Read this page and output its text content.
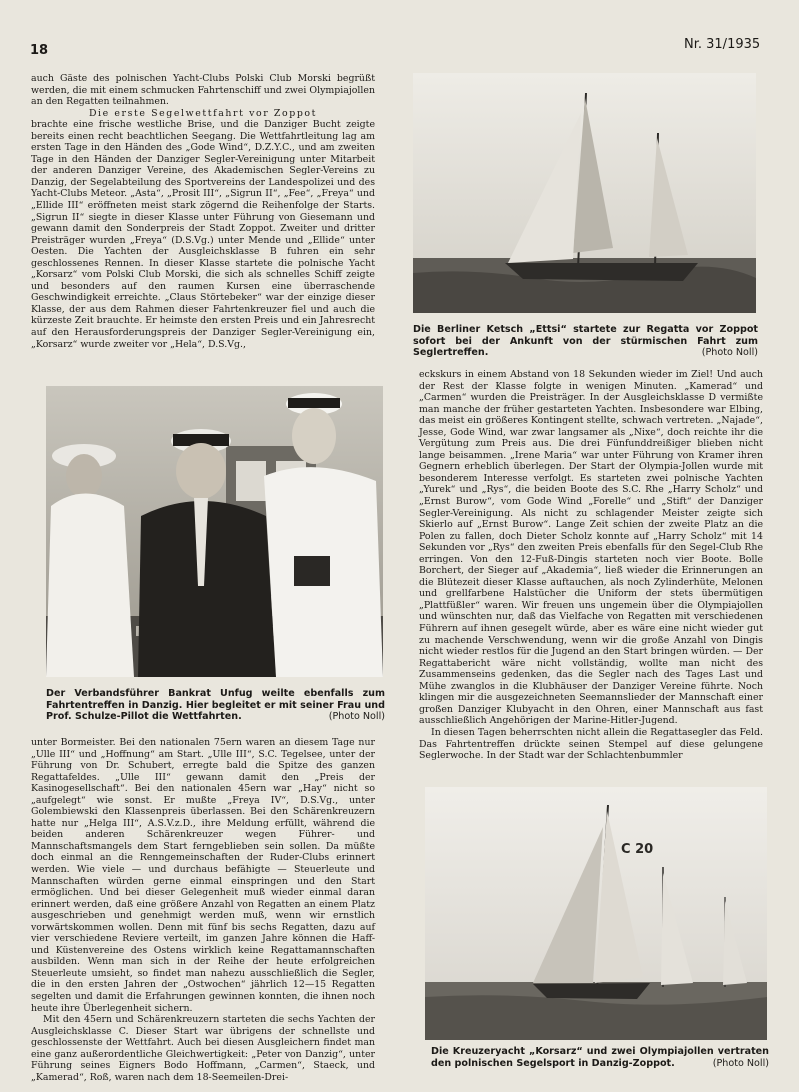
18	Nr. 31/1935

auch Gäste des polnischen Yacht-Clubs Polski Club Morski begrüßt werden, die mit einem schmucken Fahrtenschiff und zwei Olympiajollen an den Regatten teilnahmen.

Die erste Segelwettfahrt vor Zoppot

brachte eine frische westliche Brise, und die Danziger Bucht zeigte bereits einen recht beachtlichen Seegang. Die Wettfahrtleitung lag am ersten Tage in den Händen des „Gode Wind“, D.Z.Y.C., und am zweiten Tage in den Händen der Danziger Segler-Vereinigung unter Mitarbeit der anderen Danziger Vereine, des Akademischen Segler-Vereins zu Danzig, der Segelabteilung des Sportvereins der Landespolizei und des Yacht-Clubs Meteor. „Asta“, „Prosit III“, „Sigrun II“, „Fee“, „Freya“ und „Ellide III“ eröffneten meist stark zögernd die Reihenfolge der Starts. „Sigrun II“ siegte in dieser Klasse unter Führung von Giesemann und gewann damit den Sonderpreis der Stadt Zoppot. Zweiter und dritter Preisträger wurden „Freya“ (D.S.Vg.) unter Mende und „Ellide“ unter Oesten. Die Yachten der Ausgleichsklasse B fuhren ein sehr geschlossenes Rennen. In dieser Klasse startete die polnische Yacht „Korsarz“ vom Polski Club Morski, die sich als schnelles Schiff zeigte und besonders auf den raumen Kursen eine überraschende Geschwindigkeit erreichte. „Claus Störtebeker“ war der einzige dieser Klasse, der aus dem Rahmen dieser Fahrtenkreuzer fiel und auch die kürzeste Zeit brauchte. Er heimste den ersten Preis und ein Jahresrecht auf den Herausforderungspreis der Danziger Segler-Vereinigung ein, „Korsarz“ wurde zweiter vor „Hela“, D.S.Vg.,

Der Verbandsführer Bankrat Unfug weilte ebenfalls zum Fahrtentreffen in Danzig. Hier begleitet er mit seiner Frau und Prof. Schulze-Pillot die Wettfahrten.	(Photo Noll)

unter Bormeister. Bei den nationalen 75ern waren an diesem Tage nur „Ulle III“ und „Hoffnung“ am Start. „Ulle III“, S.C. Tegelsee, unter der Führung von Dr. Schubert, erregte bald die Spitze des ganzen Regattafeldes. „Ulle III“ gewann damit den „Preis der Kasinogesellschaft“. Bei den nationalen 45ern war „Hay“ nicht so „aufgelegt“ wie sonst. Er mußte „Freya IV“, D.S.Vg., unter Golembiewski den Klassenpreis überlassen. Bei den Schärenkreuzern hatte nur „Helga III“, A.S.V.z.D., ihre Meldung erfüllt, während die beiden anderen Schärenkreuzer wegen Führer- und Mannschaftsmangels dem Start ferngeblieben sein sollen. Da müßte doch einmal an die Renngemeinschaften der Ruder-Clubs erinnert werden. Wie viele — und durchaus befähigte — Steuerleute und Mannschaften würden gerne einmal einspringen und den Start ermöglichen. Und bei dieser Gelegenheit muß wieder einmal daran erinnert werden, daß eine größere Anzahl von Regatten an einem Platz ausgeschrieben und genehmigt werden muß, wenn wir ernstlich vorwärtskommen wollen. Denn mit fünf bis sechs Regatten, dazu auf vier verschiedene Reviere verteilt, im ganzen Jahre können die Haff- und Küstenvereine des Ostens wirklich keine Regattamannschaften ausbilden. Wenn man sich in der Reihe der heute erfolgreichen Steuerleute umsieht, so findet man nahezu ausschließlich die Segler, die in den ersten Jahren der „Ostwochen“ jährlich 12—15 Regatten segelten und damit die Erfahrungen gewinnen konnten, die ihnen noch heute ihre Überlegenheit sichern.

Mit den 45ern und Schärenkreuzern starteten die sechs Yachten der Ausgleichsklasse C. Dieser Start war übrigens der schnellste und geschlossenste der Wettfahrt. Auch bei diesen Ausgleichern findet man eine ganz außerordentliche Gleichwertigkeit: „Peter von Danzig“, unter Führung seines Eigners Bodo Hoffmann, „Carmen“, Staeck, und „Kamerad“, Roß, waren nach dem 18-Seemeilen-Drei-

Die Berliner Ketsch „Ettsi“ startete zur Regatta vor Zoppot sofort bei der Ankunft von der stürmischen Fahrt zum Seglertreffen.	(Photo Noll)

eckskurs in einem Abstand von 18 Sekunden wieder im Ziel! Und auch der Rest der Klasse folgte in wenigen Minuten. „Kamerad“ und „Carmen“ wurden die Preisträger. In der Ausgleichsklasse D vermißte man manche der früher gestarteten Yachten. Insbesondere war Elbing, das meist ein größeres Kontingent stellte, schwach vertreten. „Najade“, Jesse, Gode Wind, war zwar langsamer als „Nixe“, doch reichte ihr die Vergütung zum Preis aus. Die drei Fünfunddreißiger blieben nicht lange beisammen. „Irene Maria“ war unter Führung von Kramer ihren Gegnern erheblich überlegen. Der Start der Olympia-Jollen wurde mit besonderem Interesse verfolgt. Es starteten zwei polnische Yachten „Yurek“ und „Rys“, die beiden Boote des S.C. Rhe „Harry Scholz“ und „Ernst Burow“, vom Gode Wind „Forelle“ und „Stift“ der Danziger Segler-Vereinigung. Als nicht zu schlagender Meister zeigte sich Skierlo auf „Ernst Burow“. Lange Zeit schien der zweite Platz an die Polen zu fallen, doch Dieter Scholz konnte auf „Harry Scholz“ mit 14 Sekunden vor „Rys“ den zweiten Preis ebenfalls für den Segel-Club Rhe erringen. Von den 12-Fuß-Dingis starteten noch vier Boote. Bolle Borchert, der Sieger auf „Akademia“, ließ wieder die Erinnerungen an die Blütezeit dieser Klasse auftauchen, als noch Zylinderhüte, Melonen und grellfarbene Halstücher die Uniform der stets übermütigen „Plattfüßler“ waren. Wir freuen uns ungemein über die Olympiajollen und wünschten nur, daß das Vielfache von Regatten mit verschiedenen Führern auf ihnen gesegelt würde, aber es wäre eine nicht wieder gut zu machende Verschwendung, wenn wir die große Anzahl von Dingis nicht wieder restlos für die Jugend an den Start bringen würden. — Der Regattabericht wäre nicht vollständig, wollte man nicht des Zusammenseins gedenken, das die Segler nach des Tages Last und Mühe zwanglos in die Klubhäuser der Danziger Vereine führte. Noch klingen mir die ausgezeichneten Seemannslieder der Mannschaft einer großen Danziger Klubyacht in den Ohren, einer Mannschaft aus fast ausschließlich Angehörigen der Marine-Hitler-Jugend.

In diesen Tagen beherrschten nicht allein die Regattasegler das Feld. Das Fahrtentreffen drückte seinen Stempel auf diese gelungene Seglerwoche. In der Stadt war der Schlachtenbummler

C 20
Die Kreuzeryacht „Korsarz“ und zwei Olympiajollen vertraten den polnischen Segelsport in Danzig-Zoppot.	(Photo Noll)
